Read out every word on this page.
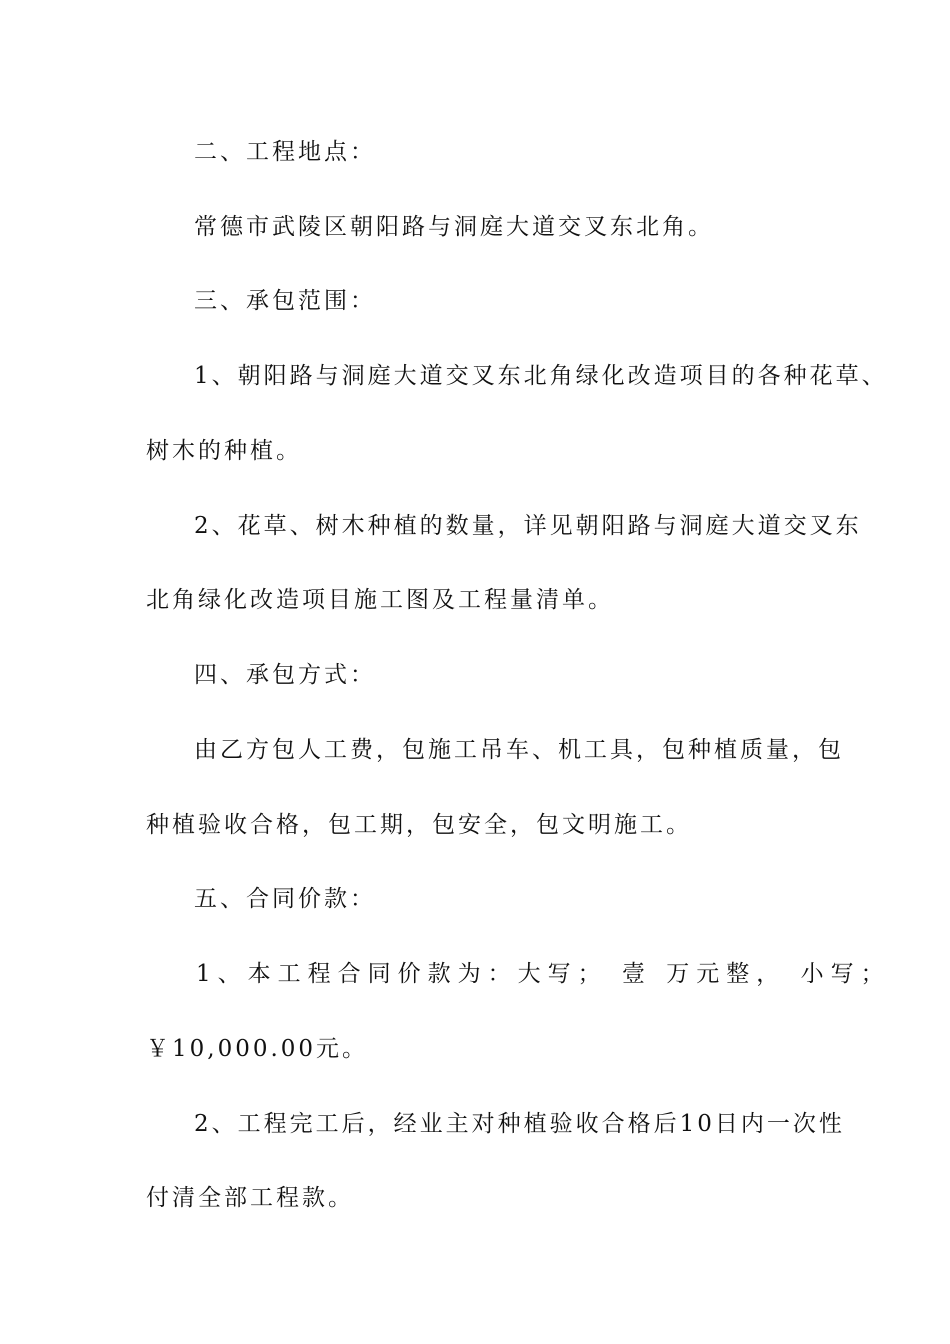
二、工程地点：
常德市武陵区朝阳路与洞庭大道交叉东北角。
三、承包范围：
1、朝阳路与洞庭大道交叉东北角绿化改造项目的各种花草、
树木的种植。
2、花草、树木种植的数量，详见朝阳路与洞庭大道交叉东
北角绿化改造项目施工图及工程量清单。
四、承包方式：
由乙方包人工费，包施工吊车、机工具，包种植质量，包
种植验收合格，包工期，包安全，包文明施工。
五、合同价款：
1、本工程合同价款为：大写； 壹 万元整， 小写；
￥10,000.00元。
2、工程完工后，经业主对种植验收合格后10日内一次性
付清全部工程款。
